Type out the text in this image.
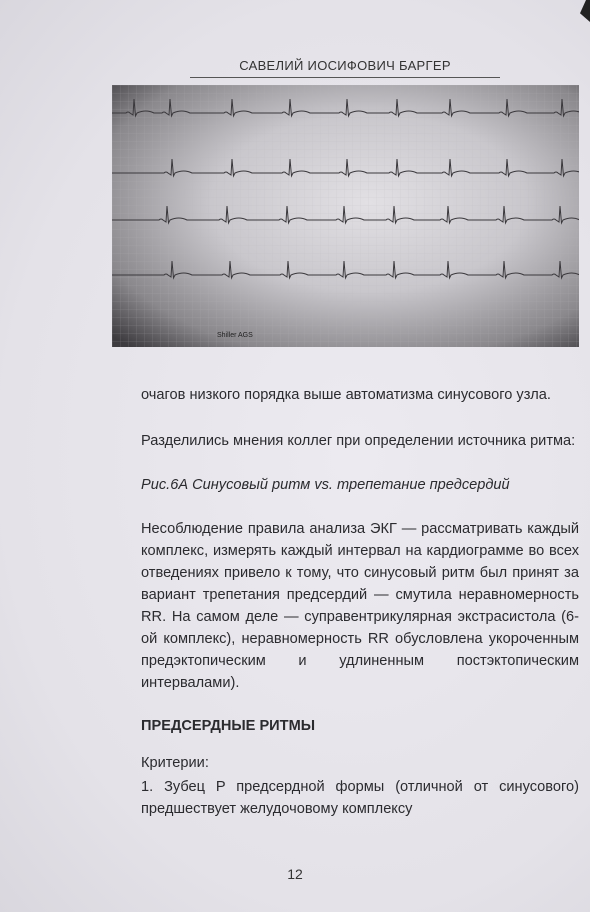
САВЕЛИЙ ИОСИФОВИЧ БАРГЕР
Shiller AGS
очагов низкого порядка выше автоматизма синусового узла.
Разделились мнения коллег при определении источника ритма:
Рис.6А Синусовый ритм vs. трепетание предсердий
Несоблюдение правила анализа ЭКГ — рассматривать каждый комплекс, измерять каждый интервал на кардиограмме во всех отведениях привело к тому, что синусовый ритм был принят за вариант трепетания предсердий — смутила неравномерность RR. На самом деле — суправентрикулярная экстрасистола (6-ой комплекс), неравномерность RR обусловлена укороченным предэктопическим и удлиненным постэктопическим интервалами).
ПРЕДСЕРДНЫЕ РИТМЫ
Критерии:
1. Зубец P предсердной формы (отличной от синусового) предшествует желудочовому комплексу
12
